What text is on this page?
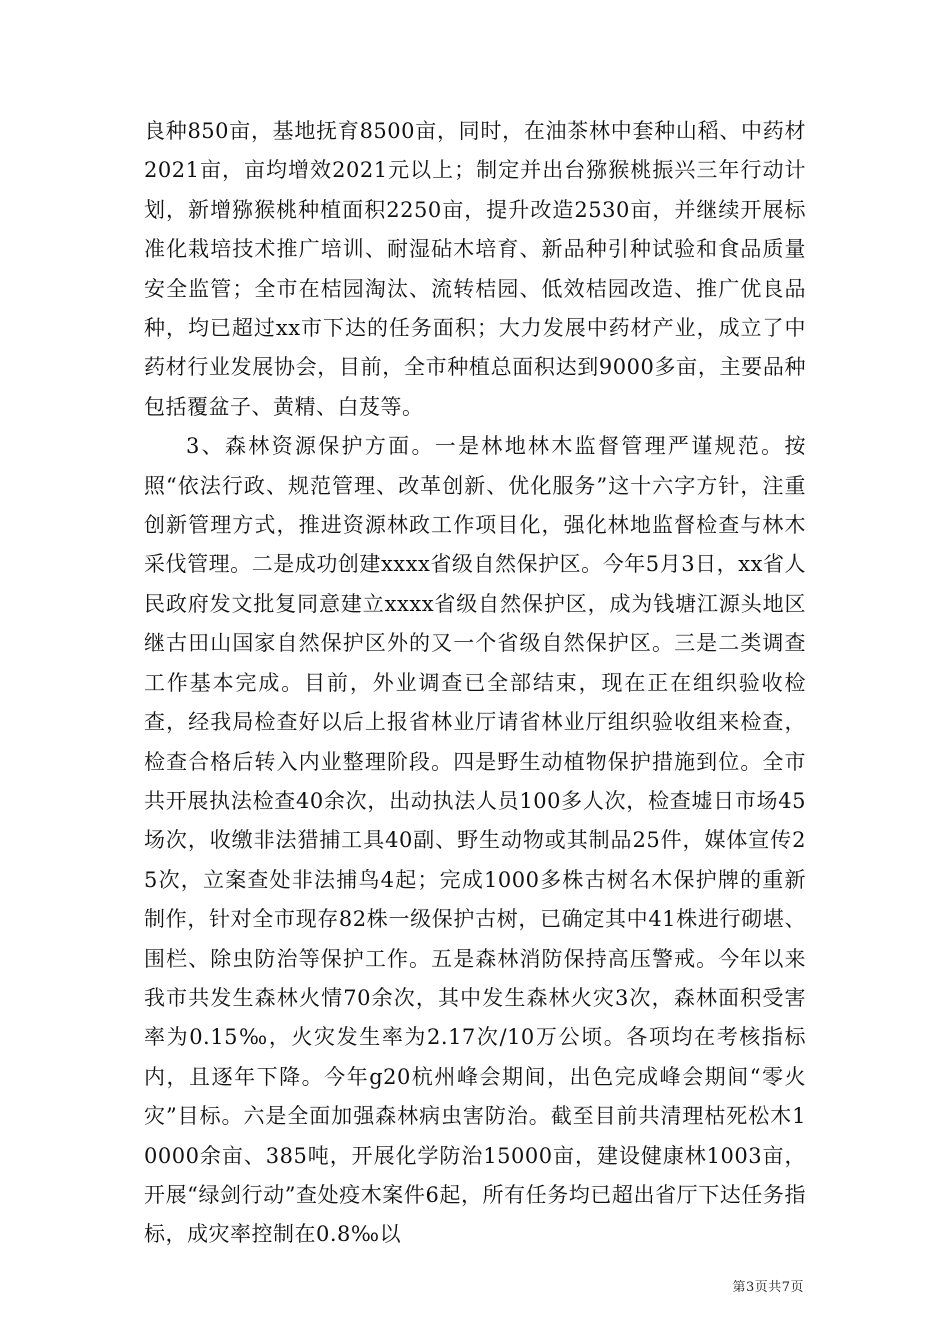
良种850亩，基地抚育8500亩，同时，在油茶林中套种山稻、中药材2021亩，亩均增效2021元以上；制定并出台猕猴桃振兴三年行动计划，新增猕猴桃种植面积2250亩，提升改造2530亩，并继续开展标准化栽培技术推广培训、耐湿砧木培育、新品种引种试验和食品质量安全监管；全市在桔园淘汰、流转桔园、低效桔园改造、推广优良品种，均已超过xx市下达的任务面积；大力发展中药材产业，成立了中药材行业发展协会，目前，全市种植总面积达到9000多亩，主要品种包括覆盆子、黄精、白芨等。

3、森林资源保护方面。一是林地林木监督管理严谨规范。按照“依法行政、规范管理、改革创新、优化服务”这十六字方针，注重创新管理方式，推进资源林政工作项目化，强化林地监督检查与林木采伐管理。二是成功创建xxxx省级自然保护区。今年5月3日，xx省人民政府发文批复同意建立xxxx省级自然保护区，成为钱塘江源头地区继古田山国家自然保护区外的又一个省级自然保护区。三是二类调查工作基本完成。目前，外业调查已全部结束，现在正在组织验收检查，经我局检查好以后上报省林业厅请省林业厅组织验收组来检查，检查合格后转入内业整理阶段。四是野生动植物保护措施到位。全市共开展执法检查40余次，出动执法人员100多人次，检查墟日市场45场次，收缴非法猎捕工具40副、野生动物或其制品25件，媒体宣传25次，立案查处非法捕鸟4起；完成1000多株古树名木保护牌的重新制作，针对全市现存82株一级保护古树，已确定其中41株进行砌堪、围栏、除虫防治等保护工作。五是森林消防保持高压警戒。今年以来我市共发生森林火情70余次，其中发生森林火灾3次，森林面积受害率为0.15‰，火灾发生率为2.17次/10万公顷。各项均在考核指标内，且逐年下降。今年g20杭州峰会期间，出色完成峰会期间“零火灾”目标。六是全面加强森林病虫害防治。截至目前共清理枯死松木10000余亩、385吨，开展化学防治15000亩，建设健康林1003亩，开展“绿剑行动”查处疫木案件6起，所有任务均已超出省厅下达任务指标，成灾率控制在0.8‰以

第3页共7页
